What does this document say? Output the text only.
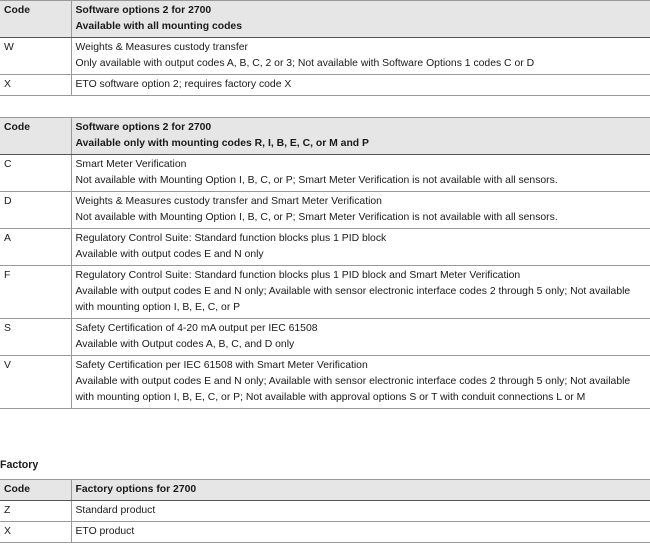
Code	Software options 2 for 2700
Available with all mounting codes

W	Weights & Measures custody transfer
Only available with output codes A, B, C, 2 or 3; Not available with Software Options 1 codes C or D

X	ETO software option 2; requires factory code X
Code	Software options 2 for 2700
Available only with mounting codes R, I, B, E, C, or M and P

C	Smart Meter Verification
Not available with Mounting Option I, B, C, or P; Smart Meter Verification is not available with all sensors.

D	Weights & Measures custody transfer and Smart Meter Verification
Not available with Mounting Option I, B, C, or P; Smart Meter Verification is not available with all sensors.

A	Regulatory Control Suite: Standard function blocks plus 1 PID block
Available with output codes E and N only

F	Regulatory Control Suite: Standard function blocks plus 1 PID block and Smart Meter Verification
Available with output codes E and N only; Available with sensor electronic interface codes 2 through 5 only; Not available with mounting option I, B, E, C, or P

S	Safety Certification of 4-20 mA output per IEC 61508
Available with Output codes A, B, C, and D only

V	Safety Certification per IEC 61508 with Smart Meter Verification
Available with output codes E and N only; Available with sensor electronic interface codes 2 through 5 only; Not available with mounting option I, B, E, C, or P; Not available with approval options S or T with conduit connections L or M
Factory
Code	Factory options for 2700
Z	Standard product

X	ETO product
